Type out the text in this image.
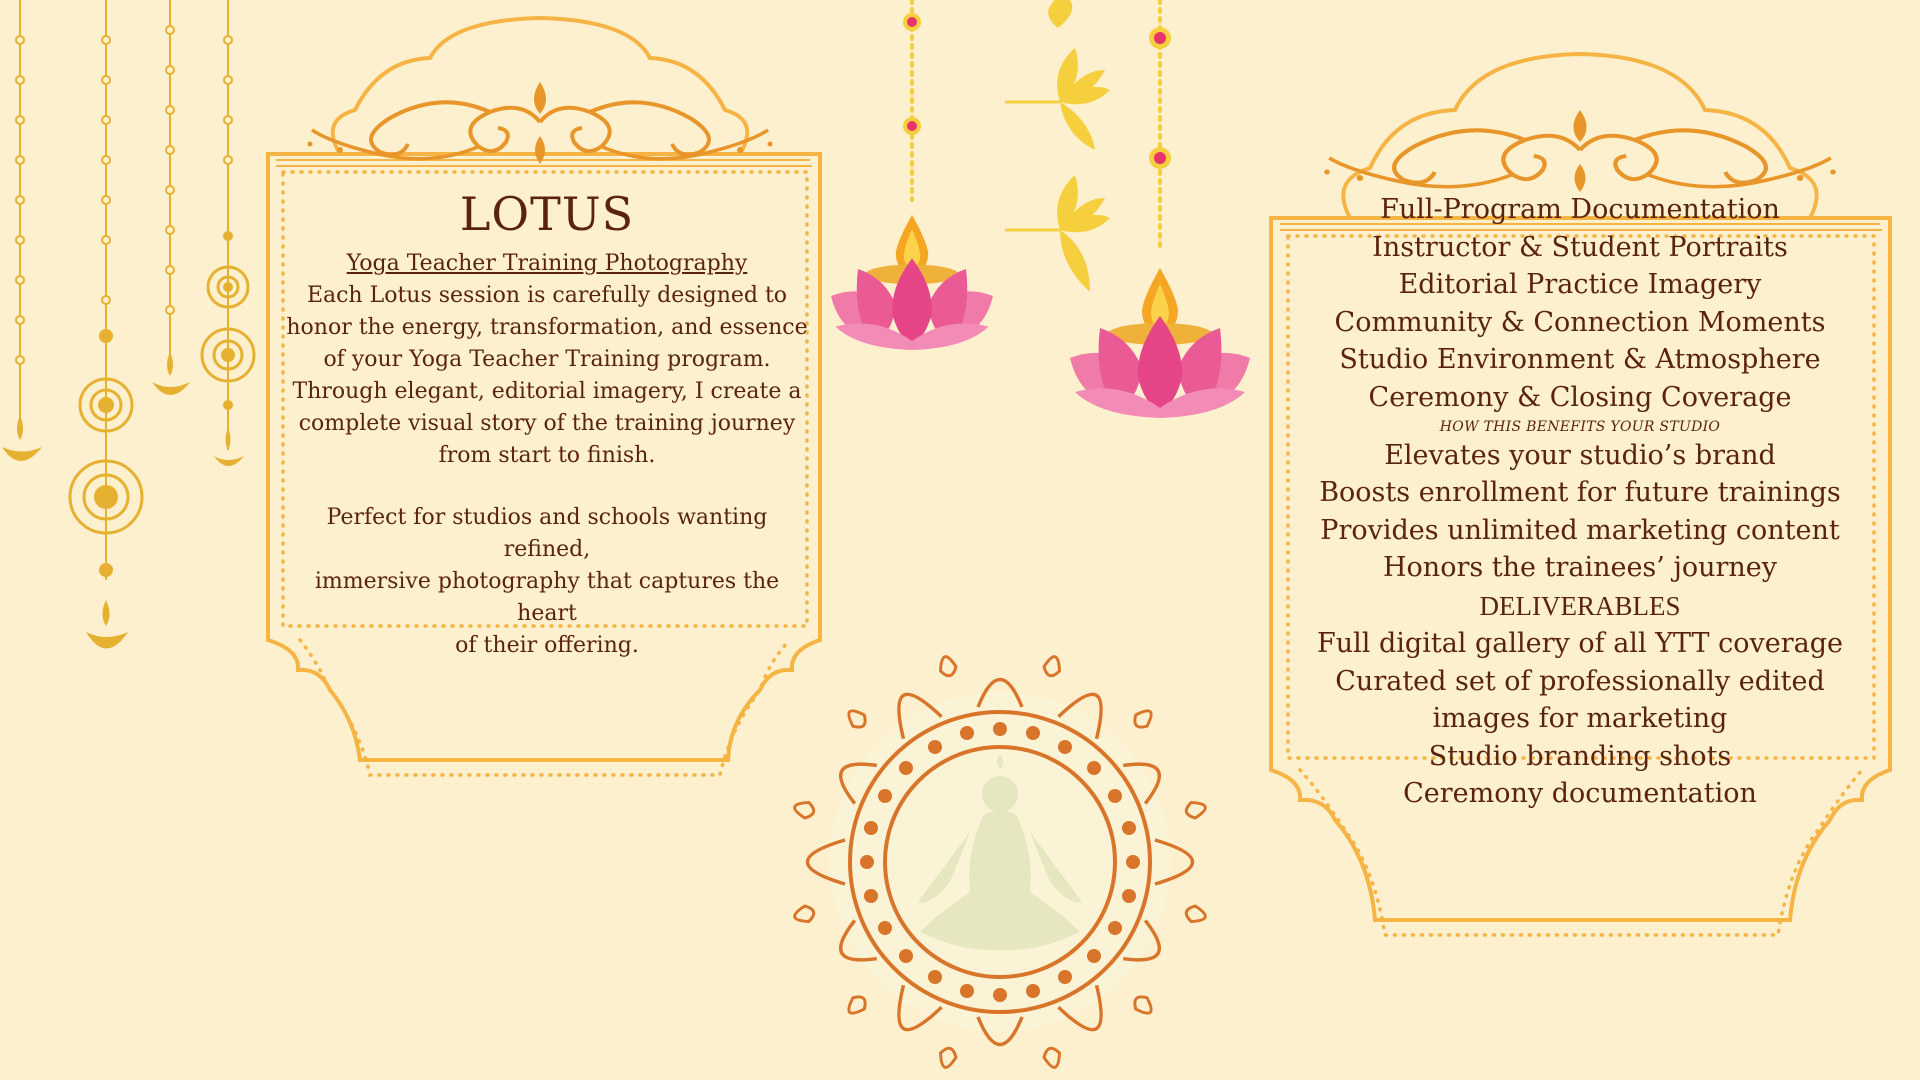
LOTUS

Yoga Teacher Training Photography

Each Lotus session is carefully designed to

honor the energy, transformation, and essence

of your Yoga Teacher Training program.

Through elegant, editorial imagery, I create a

complete visual story of the training journey

from start to finish.

Perfect for studios and schools wanting refined,

immersive photography that captures the heart

of their offering.

Full-Program Documentation

Instructor & Student Portraits

Editorial Practice Imagery

Community & Connection Moments

Studio Environment & Atmosphere

Ceremony & Closing Coverage

HOW THIS BENEFITS YOUR STUDIO

Elevates your studio’s brand

Boosts enrollment for future trainings

Provides unlimited marketing content

Honors the trainees’ journey

DELIVERABLES

Full digital gallery of all YTT coverage

Curated set of professionally edited

images for marketing

Studio branding shots

Ceremony documentation
